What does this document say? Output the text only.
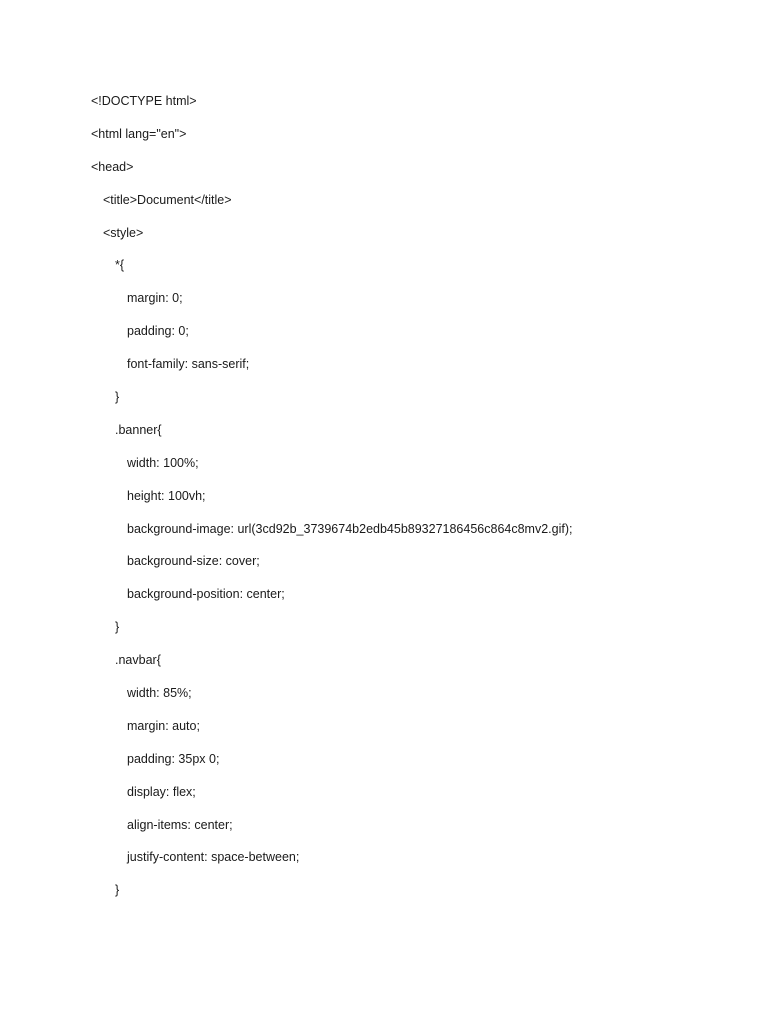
<!DOCTYPE html>
<html lang="en">
<head>
<title>Document</title>
<style>
*{
margin: 0;
padding: 0;
font-family: sans-serif;
}
.banner{
width: 100%;
height: 100vh;
background-image: url(3cd92b_3739674b2edb45b89327186456c864c8mv2.gif);
background-size: cover;
background-position: center;
}
.navbar{
width: 85%;
margin: auto;
padding: 35px 0;
display: flex;
align-items: center;
justify-content: space-between;
}
